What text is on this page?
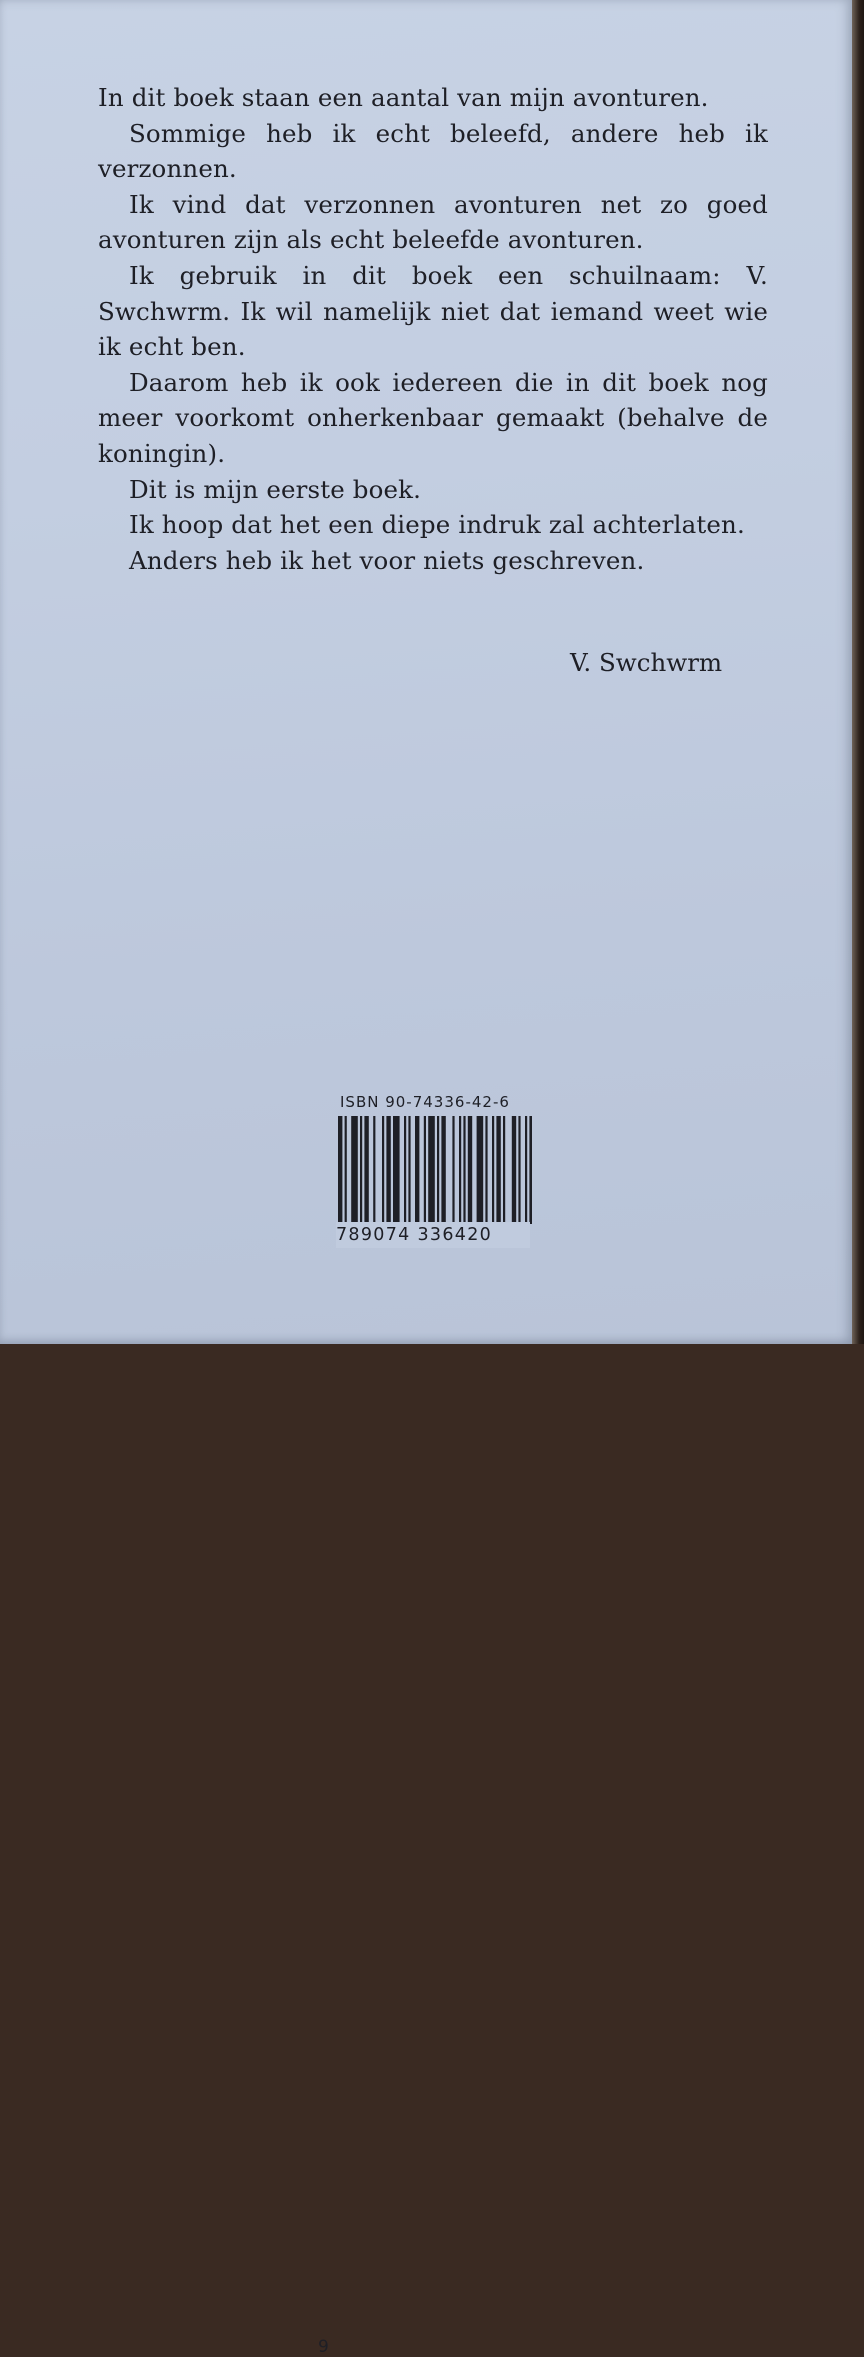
In dit boek staan een aantal van mijn avonturen.

Sommige heb ik echt beleefd, andere heb ik verzonnen.

Ik vind dat verzonnen avonturen net zo goed avonturen zijn als echt beleefde avonturen.

Ik gebruik in dit boek een schuilnaam: V. Swchwrm. Ik wil namelijk niet dat iemand weet wie ik echt ben.

Daarom heb ik ook iedereen die in dit boek nog meer voorkomt onherkenbaar gemaakt (behalve de koningin).

Dit is mijn eerste boek.

Ik hoop dat het een diepe indruk zal achterlaten.

Anders heb ik het voor niets geschreven.

V. Swchwrm
ISBN 90-74336-42-6
9
789074 336420
